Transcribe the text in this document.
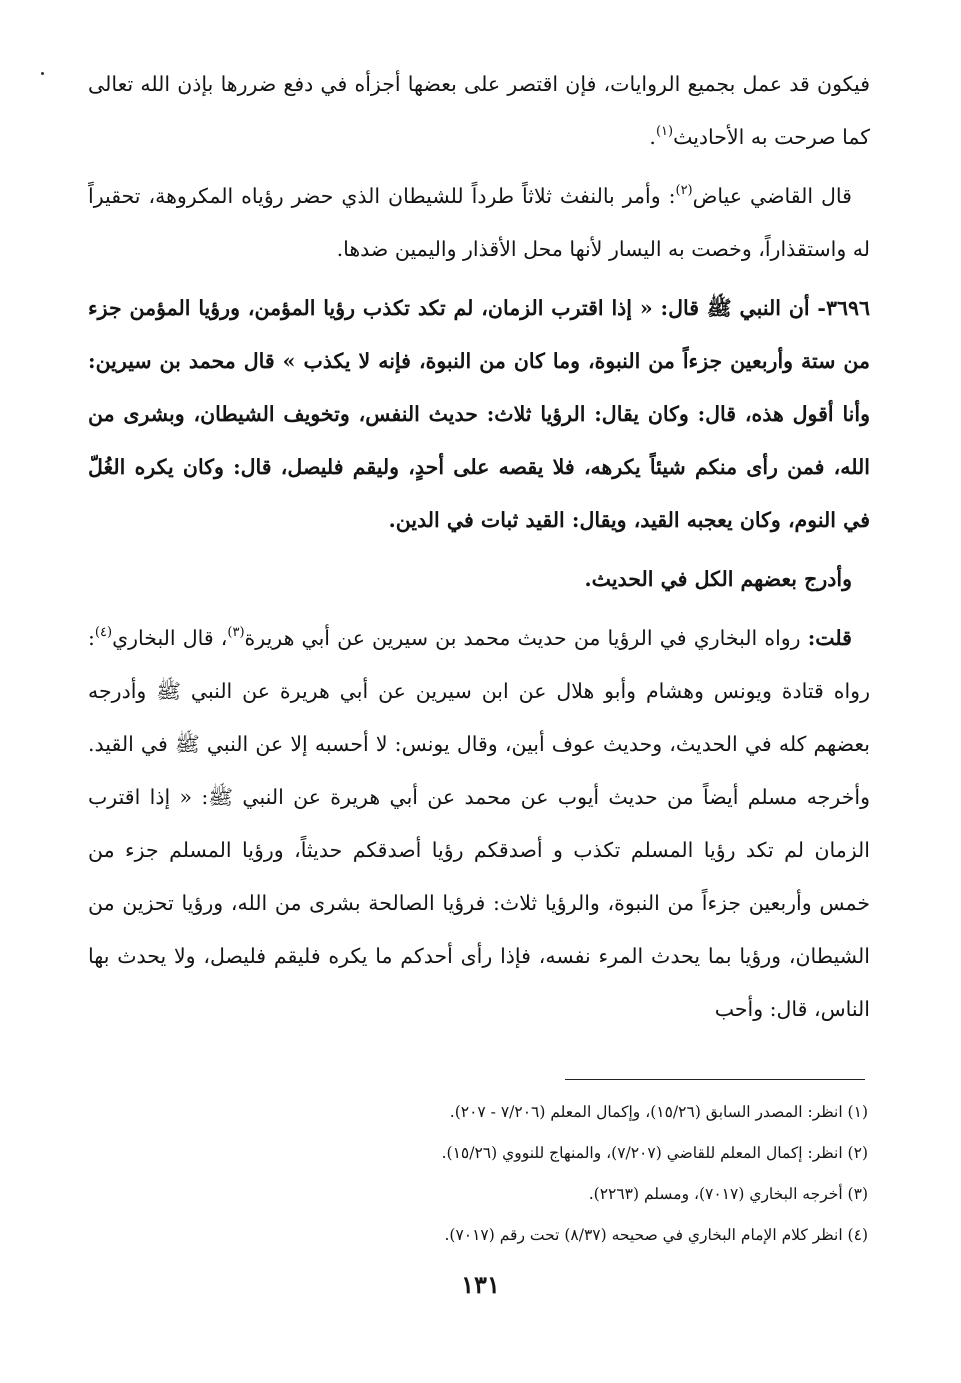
فيكون قد عمل بجميع الروايات، فإن اقتصر على بعضها أجزأه في دفع ضررها بإذن الله تعالى كما صرحت به الأحاديث$^{(١)}$.

قال القاضي عياض$^{(٢)}$: وأمر بالنفث ثلاثاً طرداً للشيطان الذي حضر رؤياه المكروهة، تحقيراً له واستقذاراً، وخصت به اليسار لأنها محل الأقذار واليمين ضدها.

٣٦٩٦- أن النبي ﷺ قال: « إذا اقترب الزمان، لم تكد تكذب رؤيا المؤمن، ورؤيا المؤمن جزء من ستة وأربعين جزءاً من النبوة، وما كان من النبوة، فإنه لا يكذب » قال محمد بن سيرين: وأنا أقول هذه، قال: وكان يقال: الرؤيا ثلاث: حديث النفس، وتخويف الشيطان، وبشرى من الله، فمن رأى منكم شيئاً يكرهه، فلا يقصه على أحدٍ، وليقم فليصل، قال: وكان يكره الغُلّ في النوم، وكان يعجبه القيد، ويقال: القيد ثبات في الدين.

وأدرج بعضهم الكل في الحديث.

قلت: رواه البخاري في الرؤيا من حديث محمد بن سيرين عن أبي هريرة$^{(٣)}$، قال البخاري$^{(٤)}$: رواه قتادة ويونس وهشام وأبو هلال عن ابن سيرين عن أبي هريرة عن النبي ﷺ وأدرجه بعضهم كله في الحديث، وحديث عوف أبين، وقال يونس: لا أحسبه إلا عن النبي ﷺ في القيد. وأخرجه مسلم أيضاً من حديث أيوب عن محمد عن أبي هريرة عن النبي ﷺ: « إذا اقترب الزمان لم تكد رؤيا المسلم تكذب و أصدقكم رؤيا أصدقكم حديثاً، ورؤيا المسلم جزء من خمس وأربعين جزءاً من النبوة، والرؤيا ثلاث: فرؤيا الصالحة بشرى من الله، ورؤيا تحزين من الشيطان، ورؤيا بما يحدث المرء نفسه، فإذا رأى أحدكم ما يكره فليقم فليصل، ولا يحدث بها الناس، قال: وأحب

(١) انظر: المصدر السابق (١٥/٢٦)، وإكمال المعلم (٧/٢٠٦ - ٢٠٧).

(٢) انظر: إكمال المعلم للقاضي (٧/٢٠٧)، والمنهاج للنووي (١٥/٢٦).

(٣) أخرجه البخاري (٧٠١٧)، ومسلم (٢٢٦٣).

(٤) انظر كلام الإمام البخاري في صحيحه (٨/٣٧) تحت رقم (٧٠١٧).

١٣١
